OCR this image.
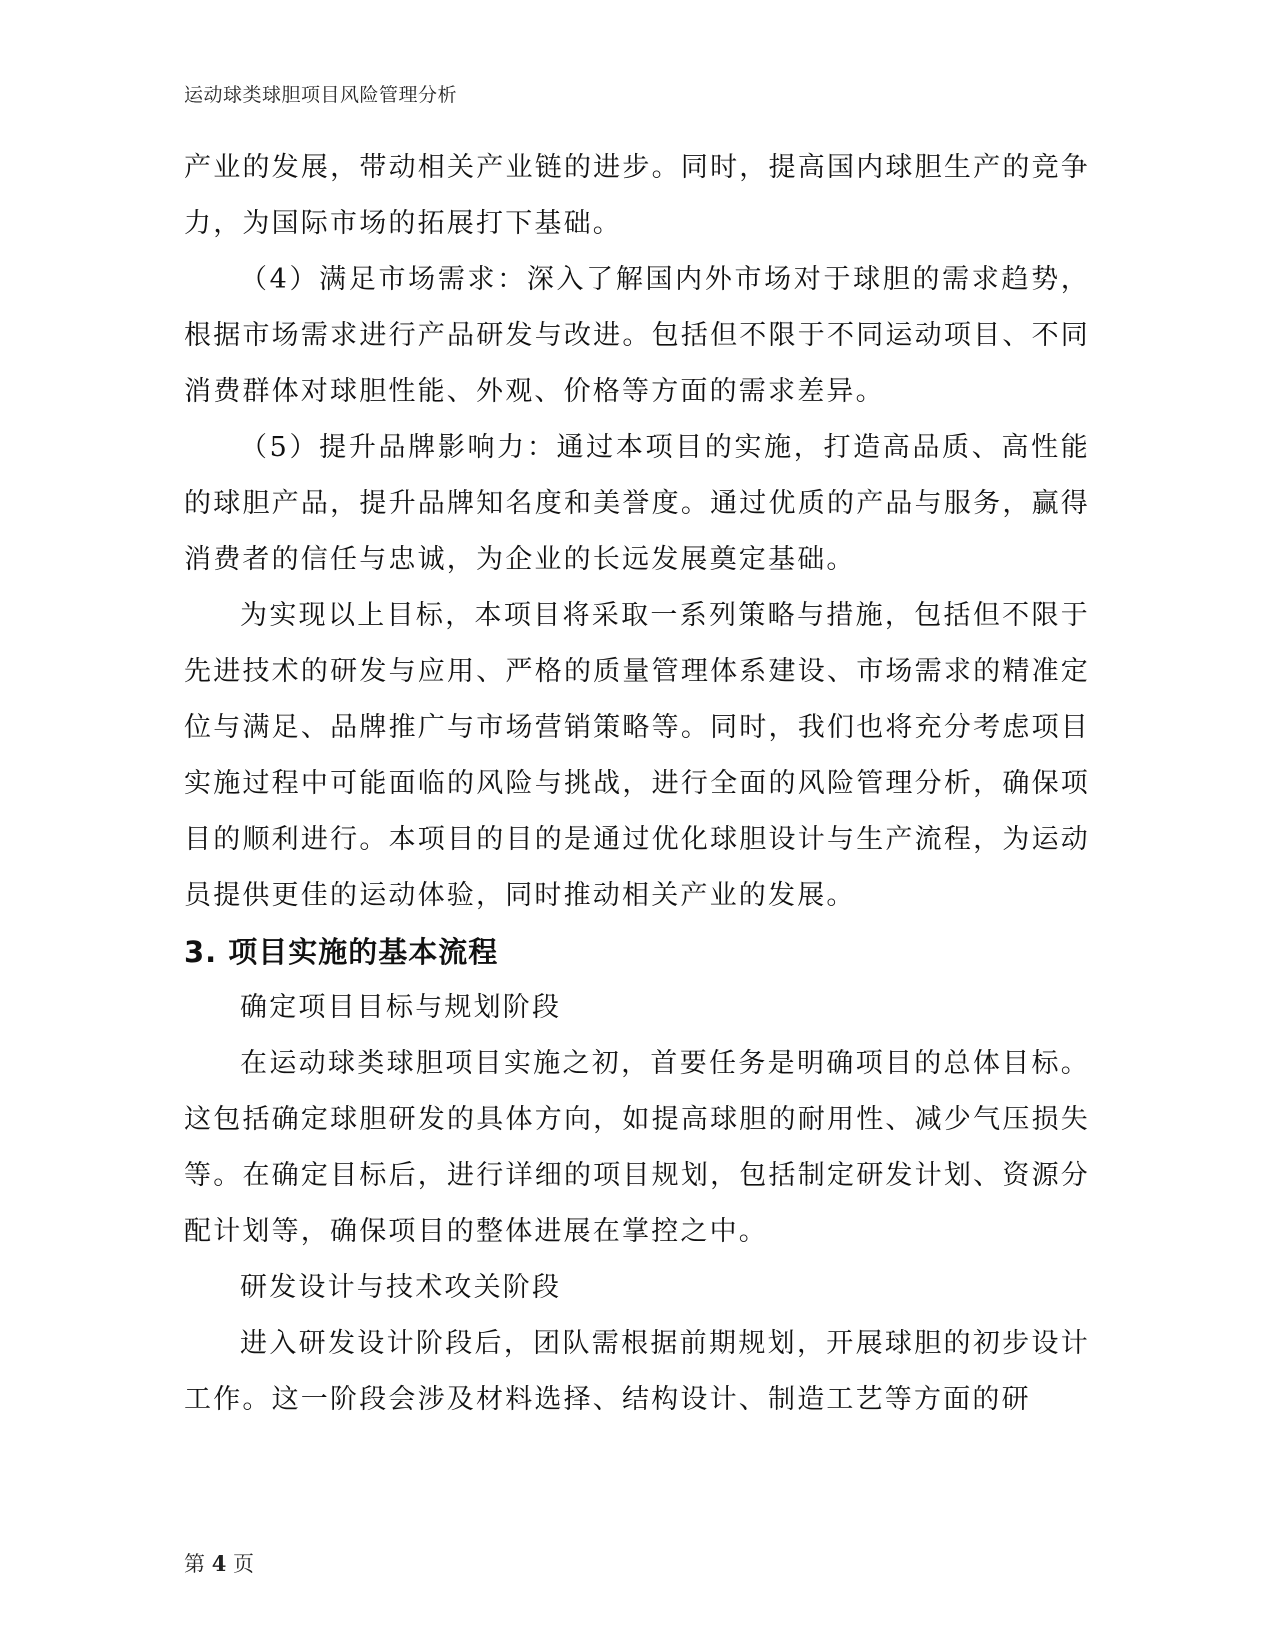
运动球类球胆项目风险管理分析

产业的发展，带动相关产业链的进步。同时，提高国内球胆生产的竞争力，为国际市场的拓展打下基础。

（4）满足市场需求：深入了解国内外市场对于球胆的需求趋势，根据市场需求进行产品研发与改进。包括但不限于不同运动项目、不同消费群体对球胆性能、外观、价格等方面的需求差异。

（5）提升品牌影响力：通过本项目的实施，打造高品质、高性能的球胆产品，提升品牌知名度和美誉度。通过优质的产品与服务，赢得消费者的信任与忠诚，为企业的长远发展奠定基础。

为实现以上目标，本项目将采取一系列策略与措施，包括但不限于先进技术的研发与应用、严格的质量管理体系建设、市场需求的精准定位与满足、品牌推广与市场营销策略等。同时，我们也将充分考虑项目实施过程中可能面临的风险与挑战，进行全面的风险管理分析，确保项目的顺利进行。本项目的目的是通过优化球胆设计与生产流程，为运动员提供更佳的运动体验，同时推动相关产业的发展。

3. 项目实施的基本流程

确定项目目标与规划阶段

在运动球类球胆项目实施之初，首要任务是明确项目的总体目标。这包括确定球胆研发的具体方向，如提高球胆的耐用性、减少气压损失等。在确定目标后，进行详细的项目规划，包括制定研发计划、资源分配计划等，确保项目的整体进展在掌控之中。

研发设计与技术攻关阶段

进入研发设计阶段后，团队需根据前期规划，开展球胆的初步设计工作。这一阶段会涉及材料选择、结构设计、制造工艺等方面的研

第 4 页
